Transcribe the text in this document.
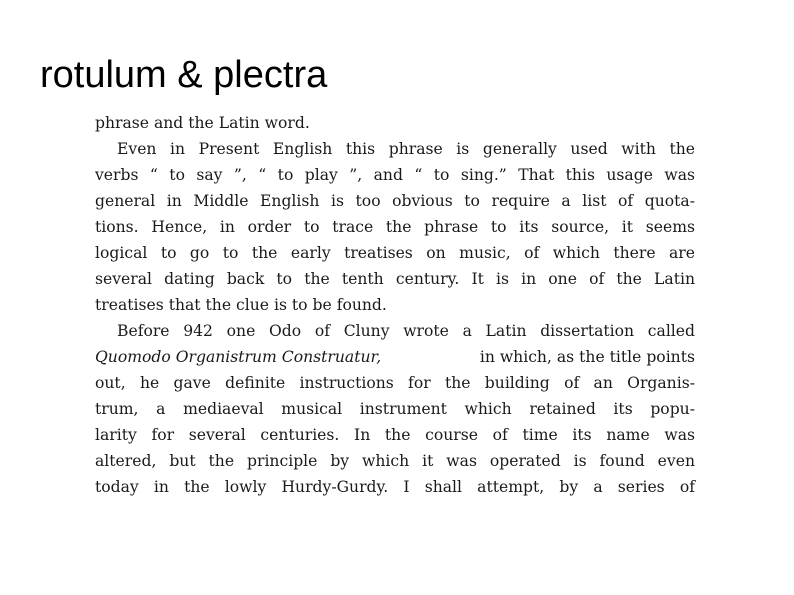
rotulum & plectra
phrase and the Latin word.
Even in Present English this phrase is generally used with the
verbs “ to say ”, “ to play ”, and “ to sing.” That this usage was
general in Middle English is too obvious to require a list of quota-
tions. Hence, in order to trace the phrase to its source, it seems
logical to go to the early treatises on music, of which there are
several dating back to the tenth century. It is in one of the Latin
treatises that the clue is to be found.
Before 942 one Odo of Cluny wrote a Latin dissertation called
Quomodo Organistrum Construatur,	in which, as the title points
out, he gave definite instructions for the building of an Organis-
trum, a mediaeval musical instrument which retained its popu-
larity for several centuries. In the course of time its name was
altered, but the principle by which it was operated is found even
today in the lowly Hurdy-Gurdy. I shall attempt, by a series of
